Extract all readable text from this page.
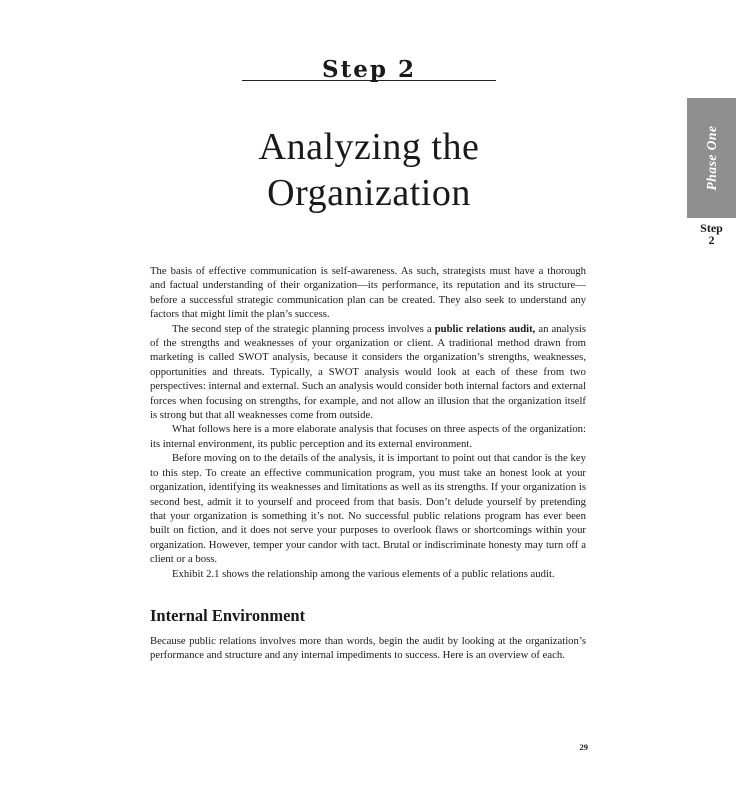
Step 2
Analyzing the
Organization
Phase One
Step
2

The basis of effective communication is self-awareness. As such, strategists must have a thorough and factual understanding of their organization—its performance, its reputation and its structure—before a successful strategic communication plan can be created. They also seek to understand any factors that might limit the plan’s success.

The second step of the strategic planning process involves a public relations audit, an analysis of the strengths and weaknesses of your organization or client. A traditional method drawn from marketing is called SWOT analysis, because it considers the organization’s strengths, weaknesses, opportunities and threats. Typically, a SWOT analysis would look at each of these from two perspectives: internal and external. Such an analysis would consider both internal factors and external forces when focusing on strengths, for example, and not allow an illusion that the organization itself is strong but that all weaknesses come from outside.

What follows here is a more elaborate analysis that focuses on three aspects of the organization: its internal environment, its public perception and its external environment.

Before moving on to the details of the analysis, it is important to point out that candor is the key to this step. To create an effective communication program, you must take an honest look at your organization, identifying its weaknesses and limitations as well as its strengths. If your organization is second best, admit it to yourself and proceed from that basis. Don’t delude yourself by pretending that your organization is something it’s not. No successful public relations program has ever been built on fiction, and it does not serve your purposes to overlook flaws or shortcomings within your organization. However, temper your candor with tact. Brutal or indiscriminate honesty may turn off a client or a boss.

Exhibit 2.1 shows the relationship among the various elements of a public relations audit.

Internal Environment

Because public relations involves more than words, begin the audit by looking at the organization’s performance and structure and any internal impediments to success. Here is an overview of each.

29
